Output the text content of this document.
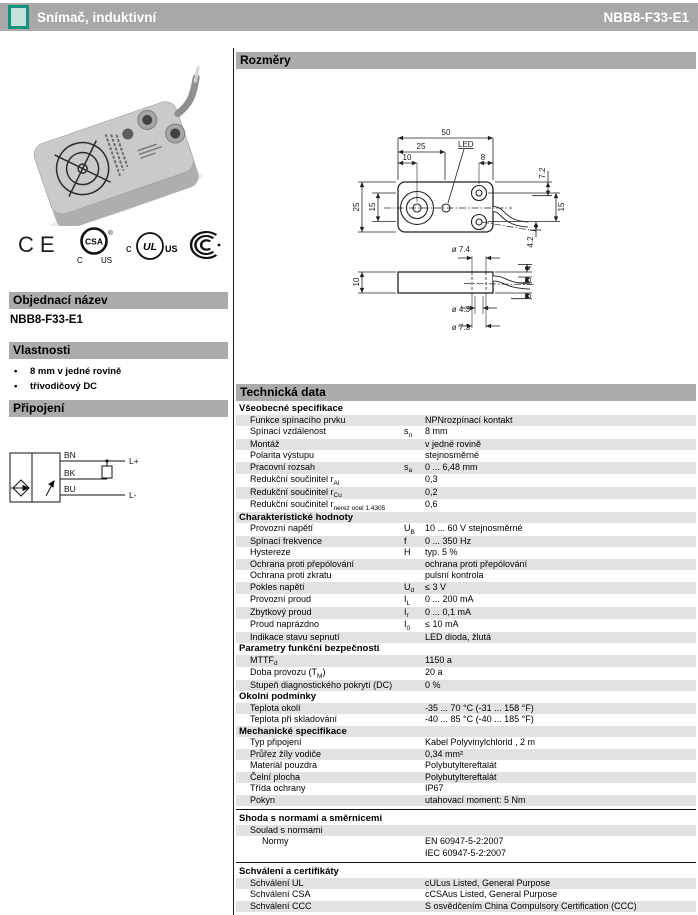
Snímač, induktivní	NBB8-F33-E1
CE	CSA
®
C US
c UL US
Objednací název
NBB8-F33-E1
Vlastnosti
• 8 mm v jedné rovině
• třívodičový DC
Připojení
BN
BK
BU
L+
L-
Rozměry
50
25
10	8
LED
25 15
7.2
15
4.2
10
ø 7.4
4
3
3
ø 4.3
ø 7.3
Technická data
Všeobecné specifikace
Funkce spínacího prvku	NPNrozpínací kontakt
Spínací vzdálenost	$s_n$	8 mm
Montáž	v jedné rovině
Polarita výstupu	stejnosměrné
Pracovní rozsah	$s_a$	0 ... 6,48 mm
Redukční součinitel $r_{Al}$	0,3
Redukční součinitel $r_{Cu}$	0,2
Redukční součinitel $r_{nerez ocel 1.4305}$	0,6
Charakteristické hodnoty
Provozní napětí	$U_B$	10 ... 60 V stejnosměrné
Spínací frekvence	f	0 ... 350 Hz
Hystereze	H	typ. 5 %
Ochrana proti přepólování	ochrana proti přepólování
Ochrana proti zkratu	pulsní kontrola
Pokles napětí	$U_d$	≤ 3 V
Provozní proud	$I_L$	0 ... 200 mA
Zbytkový proud	$I_r$	0 ... 0,1 mA
Proud naprázdno	$I_0$	≤ 10 mA
Indikace stavu sepnutí	LED dioda, žlutá
Parametry funkční bezpečnosti
$MTTF_d$	1150 a
Doba provozu $(T_M)$	20 a
Stupeň diagnostického pokrytí (DC)	0 %
Okolní podmínky
Teplota okolí	-35 ... 70 °C (-31 ... 158 °F)
Teplota při skladování	-40 ... 85 °C (-40 ... 185 °F)
Mechanické specifikace
Typ připojení	Kabel Polyvinylchlorid , 2 m
Průřez žíly vodiče	0,34 mm²
Materiál pouzdra	Polybutyltereftalát
Čelní plocha	Polybutyltereftalát
Třída ochrany	IP67
Pokyn	utahovací moment: 5 Nm
Shoda s normami a směrnicemi
Soulad s normami
Normy	EN 60947-5-2:2007
IEC 60947-5-2:2007
Schválení a certifikáty
Schválení UL	cULus Listed, General Purpose
Schválení CSA	cCSAus Listed, General Purpose
Schválení CCC	S osvědčením China Compulsory Certification (CCC)
